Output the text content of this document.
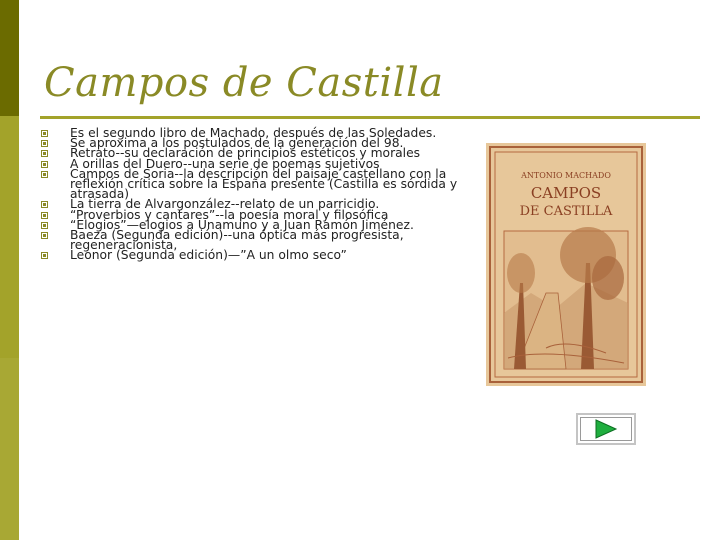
Campos de Castilla
Es el segundo libro de Machado, después de las Soledades.
Se aproxima a los postulados de la generación del 98.
Retrato--su declaración de principios estéticos y morales
A orillas del Duero--una serie de poemas sujetivos
Campos de Soria--la descripción del paisaje castellano con la reflexión crítica sobre la España presente (Castilla es sórdida y atrasada)
La tierra de Alvargonzález--relato de un parricidio.
“Proverbios y cantares”--la poesía moral y filosófica
“Elogios”—elogios a Unamuno y a Juan Ramón Jiménez.
Baeza (Segunda edición)--una óptica más progresista, regeneracionista,
Leonor (Segunda edición)—”A un olmo seco”
ANTONIO MACHADO
CAMPOS
DE CASTILLA
